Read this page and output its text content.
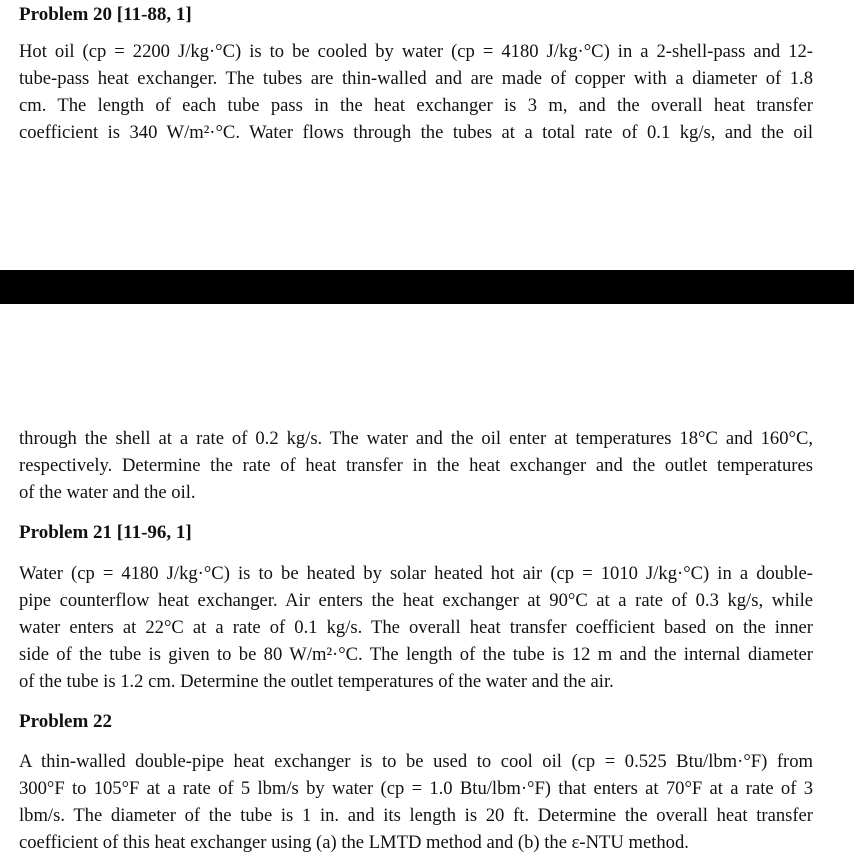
Problem 20 [11-88, 1]
Hot oil (cp = 2200 J/kg·°C) is to be cooled by water (cp = 4180 J/kg·°C) in a 2-shell-pass and 12-
tube-pass heat exchanger. The tubes are thin-walled and are made of copper with a diameter of 1.8
cm. The length of each tube pass in the heat exchanger is 3 m, and the overall heat transfer
coefficient is 340 W/m²·°C. Water flows through the tubes at a total rate of 0.1 kg/s, and the oil
through the shell at a rate of 0.2 kg/s. The water and the oil enter at temperatures 18°C and 160°C,
respectively. Determine the rate of heat transfer in the heat exchanger and the outlet temperatures
of the water and the oil.
Problem 21 [11-96, 1]
Water (cp = 4180 J/kg·°C) is to be heated by solar heated hot air (cp = 1010 J/kg·°C) in a double-
pipe counterflow heat exchanger. Air enters the heat exchanger at 90°C at a rate of 0.3 kg/s, while
water enters at 22°C at a rate of 0.1 kg/s. The overall heat transfer coefficient based on the inner
side of the tube is given to be 80 W/m²·°C. The length of the tube is 12 m and the internal diameter
of the tube is 1.2 cm. Determine the outlet temperatures of the water and the air.
Problem 22
A thin-walled double-pipe heat exchanger is to be used to cool oil (cp = 0.525 Btu/lbm·°F) from
300°F to 105°F at a rate of 5 lbm/s by water (cp = 1.0 Btu/lbm·°F) that enters at 70°F at a rate of 3
lbm/s. The diameter of the tube is 1 in. and its length is 20 ft. Determine the overall heat transfer
coefficient of this heat exchanger using (a) the LMTD method and (b) the ε-NTU method.
